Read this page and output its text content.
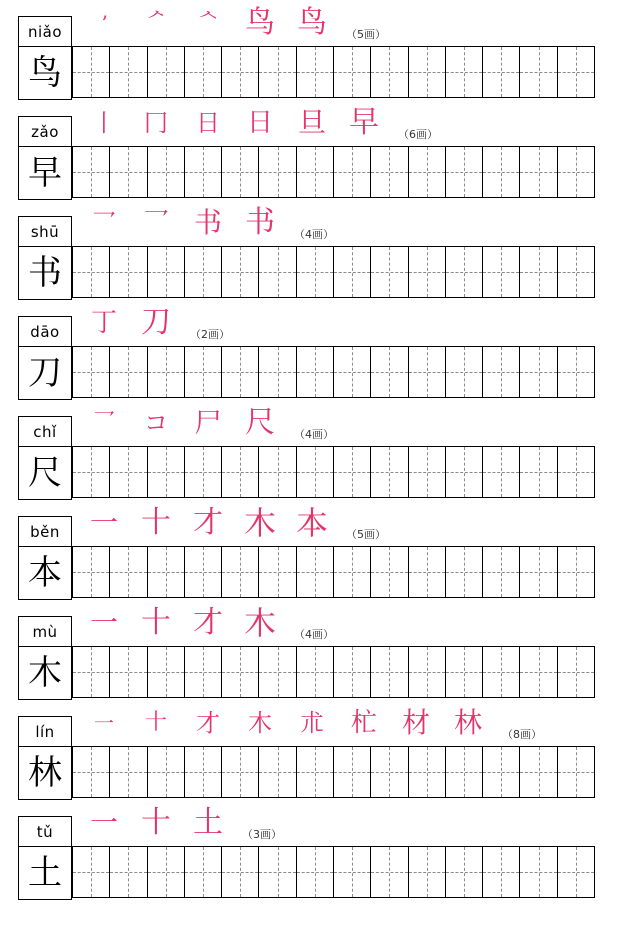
niǎo
鸟
ʼ	ᄼ	ᄾ 鸟 鸟	（5画）
zǎo
早
丨	冂	日	日 旦 早	（6画）
shū
书
乛	乛 书 书	（4画）
dāo
刀
丁 刀	（2画）
chǐ
尺
乛	コ 尸 尺	（4画）
běn
本
一 十 才 木 本	（5画）
mù
木
一 十 才 木	（4画）
lín
林
一	十	才	木	朮	杧 材 林	（8画）
tǔ
土
一 十 土	（3画）
